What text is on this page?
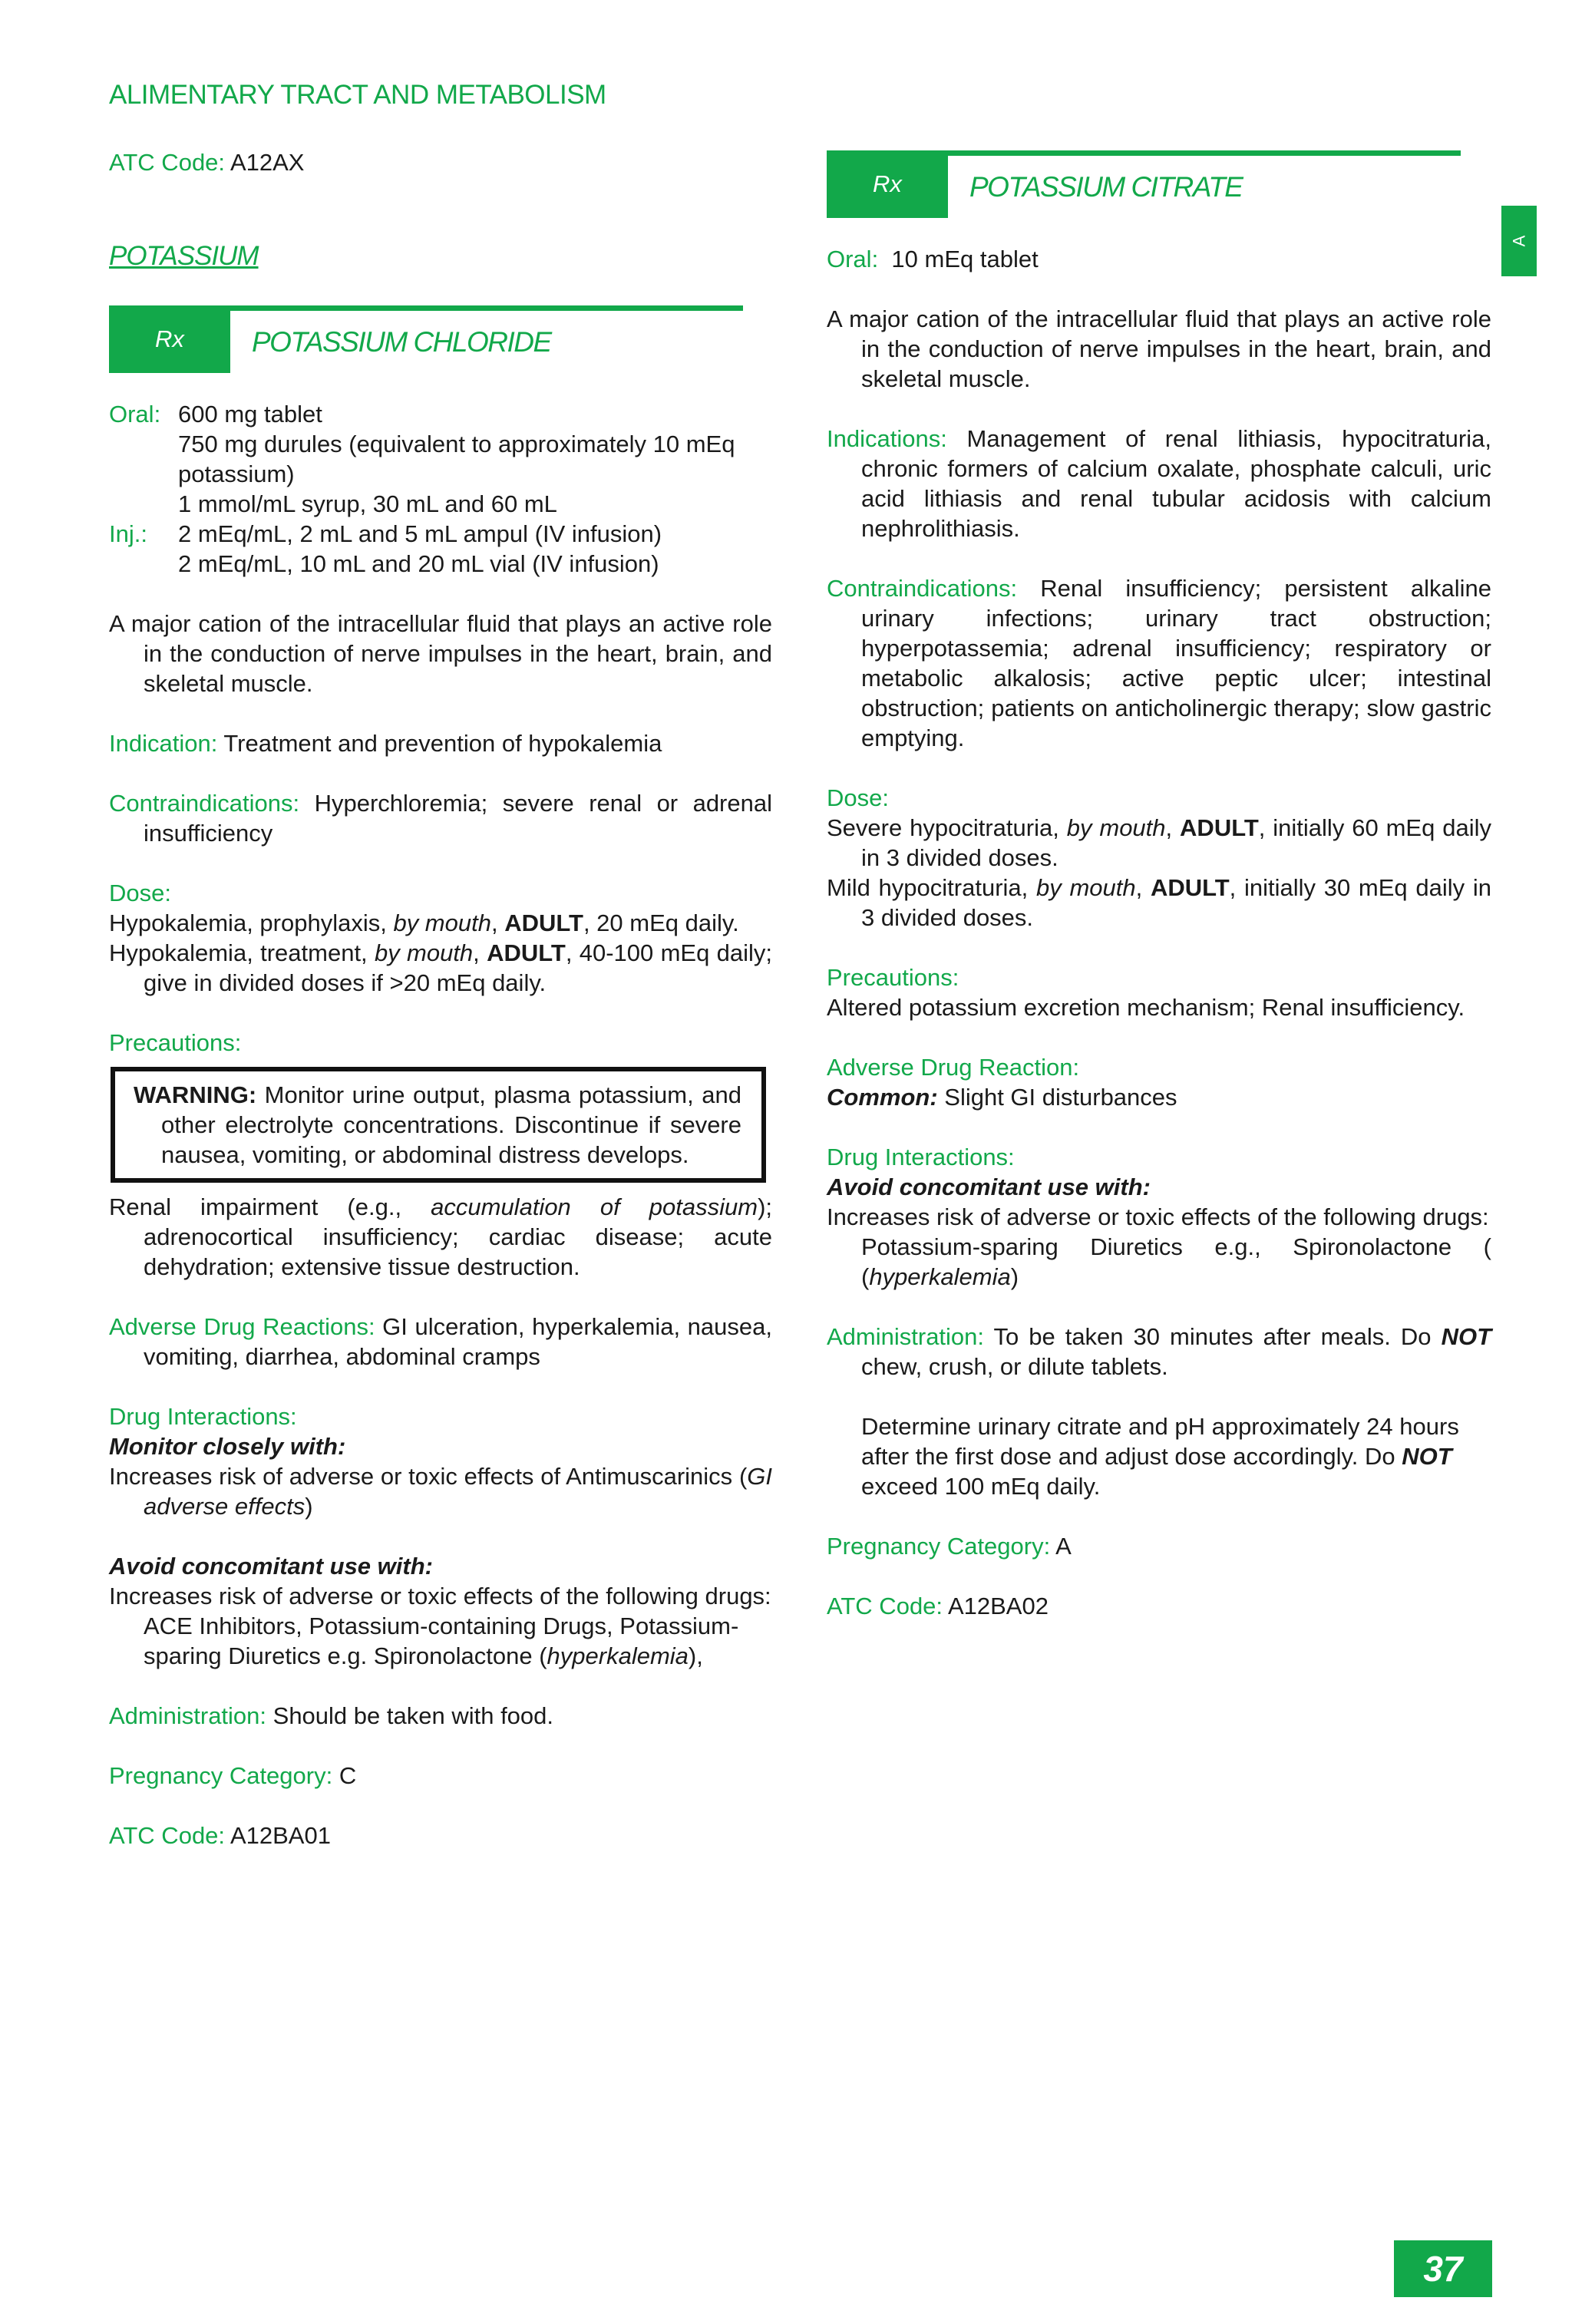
ALIMENTARY TRACT AND METABOLISM
ATC Code: A12AX
POTASSIUM	A
Rx	POTASSIUM CHLORIDE
Rx	POTASSIUM CITRATE
Oral: 600 mg tablet
750 mg durules (equivalent to approximately 10 mEq potassium)
1 mmol/mL syrup, 30 mL and 60 mL
Inj.:	2 mEq/mL, 2 mL and 5 mL ampul (IV infusion)
2 mEq/mL, 10 mL and 20 mL vial (IV infusion)

A major cation of the intracellular fluid that plays an active role in the conduction of nerve impulses in the heart, brain, and skeletal muscle.

Indication: Treatment and prevention of hypokalemia

Contraindications: Hyperchloremia; severe renal or adrenal insufficiency

Dose:

Hypokalemia, prophylaxis, by mouth, ADULT, 20 mEq daily.

Hypokalemia, treatment, by mouth, ADULT, 40-100 mEq daily; give in divided doses if >20 mEq daily.

Precautions:

WARNING: Monitor urine output, plasma potassium, and other electrolyte concentrations. Discontinue if severe nausea, vomiting, or abdominal distress develops.

Renal impairment (e.g., accumulation of potassium); adrenocortical insufficiency; cardiac disease; acute dehydration; extensive tissue destruction.

Adverse Drug Reactions: GI ulceration, hyperkalemia, nausea, vomiting, diarrhea, abdominal cramps

Drug Interactions:

Monitor closely with:

Increases risk of adverse or toxic effects of Antimuscarinics (GI adverse effects)

Avoid concomitant use with:

Increases risk of adverse or toxic effects of the following drugs:

ACE Inhibitors, Potassium-containing Drugs, Potassium-sparing Diuretics e.g. Spironolactone (hyperkalemia),

Administration: Should be taken with food.

Pregnancy Category: C

ATC Code: A12BA01

Oral:  10 mEq tablet

A major cation of the intracellular fluid that plays an active role in the conduction of nerve impulses in the heart, brain, and skeletal muscle.

Indications: Management of renal lithiasis, hypocitraturia, chronic formers of calcium oxalate, phosphate calculi, uric acid lithiasis and renal tubular acidosis with calcium nephrolithiasis.

Contraindications: Renal insufficiency; persistent alkaline urinary infections; urinary tract obstruction; hyperpotassemia; adrenal insufficiency; respiratory or metabolic alkalosis; active peptic ulcer; intestinal obstruction; patients on anticholinergic therapy; slow gastric emptying.

Dose:

Severe hypocitraturia, by mouth, ADULT, initially 60 mEq daily in 3 divided doses.

Mild hypocitraturia, by mouth, ADULT, initially 30 mEq daily in 3 divided doses.

Precautions:

Altered potassium excretion mechanism; Renal insufficiency.

Adverse Drug Reaction:

Common: Slight GI disturbances

Drug Interactions:

Avoid concomitant use with:

Increases risk of adverse or toxic effects of the following drugs:

Potassium-sparing Diuretics e.g., Spironolactone (

(hyperkalemia)

Administration: To be taken 30 minutes after meals. Do NOT chew, crush, or dilute tablets.

Determine urinary citrate and pH approximately 24 hours after the first dose and adjust dose accordingly. Do NOT exceed 100 mEq daily.

Pregnancy Category: A

ATC Code: A12BA02

37
